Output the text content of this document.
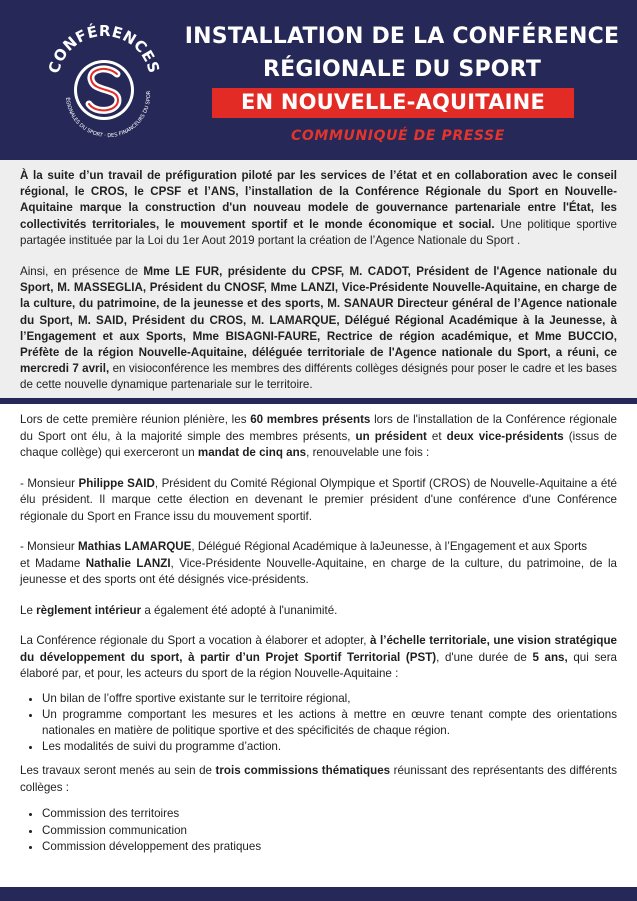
CONFÉRENCES
ÉGIONALES DU SPORT · DES FINANCEURS DU SPOR
INSTALLATION DE LA CONFÉRENCE
RÉGIONALE DU SPORT
EN NOUVELLE-AQUITAINE
COMMUNIQUÉ DE PRESSE

À la suite d’un travail de préfiguration piloté par les services de l’état et en collaboration avec le conseil régional, le CROS, le CPSF et l’ANS, l’installation de la Conférence Régionale du Sport en Nouvelle-Aquitaine marque la construction d'un nouveau modele de gouvernance partenariale entre l'État, les collectivités territoriales, le mouvement sportif et le monde économique et social. Une politique sportive partagée instituée par la Loi du 1er Aout 2019 portant la création de l’Agence Nationale du Sport .

Ainsi, en présence de Mme LE FUR, présidente du CPSF, M. CADOT, Président de l'Agence nationale du Sport, M. MASSEGLIA, Président du CNOSF, Mme LANZI, Vice-Présidente Nouvelle-Aquitaine, en charge de la culture, du patrimoine, de la jeunesse et des sports, M. SANAUR Directeur général de l’Agence nationale du Sport, M. SAID, Président du CROS, M. LAMARQUE, Délégué Régional Académique à la Jeunesse, à l’Engagement et aux Sports, Mme BISAGNI-FAURE, Rectrice de région académique, et Mme BUCCIO, Préfète de la région Nouvelle-Aquitaine, déléguée territoriale de l'Agence nationale du Sport, a réuni, ce mercredi 7 avril, en visioconférence les membres des différents collèges désignés pour poser le cadre et les bases de cette nouvelle dynamique partenariale sur le territoire.

Lors de cette première réunion plénière, les 60 membres présents lors de l'installation de la Conférence régionale du Sport ont élu, à la majorité simple des membres présents, un président et deux vice-présidents (issus de chaque collège) qui exerceront un mandat de cinq ans, renouvelable une fois :

- Monsieur Philippe SAID, Président du Comité Régional Olympique et Sportif (CROS) de Nouvelle-Aquitaine a été élu président. Il marque cette élection en devenant le premier président d'une conférence d'une Conférence régionale du Sport en France issu du mouvement sportif.

- Monsieur Mathias LAMARQUE, Délégué Régional Académique à laJeunesse, à l’Engagement et aux Sports
et Madame Nathalie LANZI, Vice-Présidente Nouvelle-Aquitaine, en charge de la culture, du patrimoine, de la jeunesse et des sports ont été désignés vice-présidents.

Le règlement intérieur a également été adopté à l'unanimité.

La Conférence régionale du Sport a vocation à élaborer et adopter, à l’échelle territoriale, une vision stratégique du développement du sport, à partir d’un Projet Sportif Territorial (PST), d'une durée de 5 ans, qui sera élaboré par, et pour, les acteurs du sport de la région Nouvelle-Aquitaine :

• Un bilan de l’offre sportive existante sur le territoire régional,
• Un programme comportant les mesures et les actions à mettre en œuvre tenant compte des orientations nationales en matière de politique sportive et des spécificités de chaque région.
• Les modalités de suivi du programme d’action.

Les travaux seront menés au sein de trois commissions thématiques réunissant des représentants des différents collèges :

• Commission des territoires
• Commission communication
• Commission développement des pratiques
